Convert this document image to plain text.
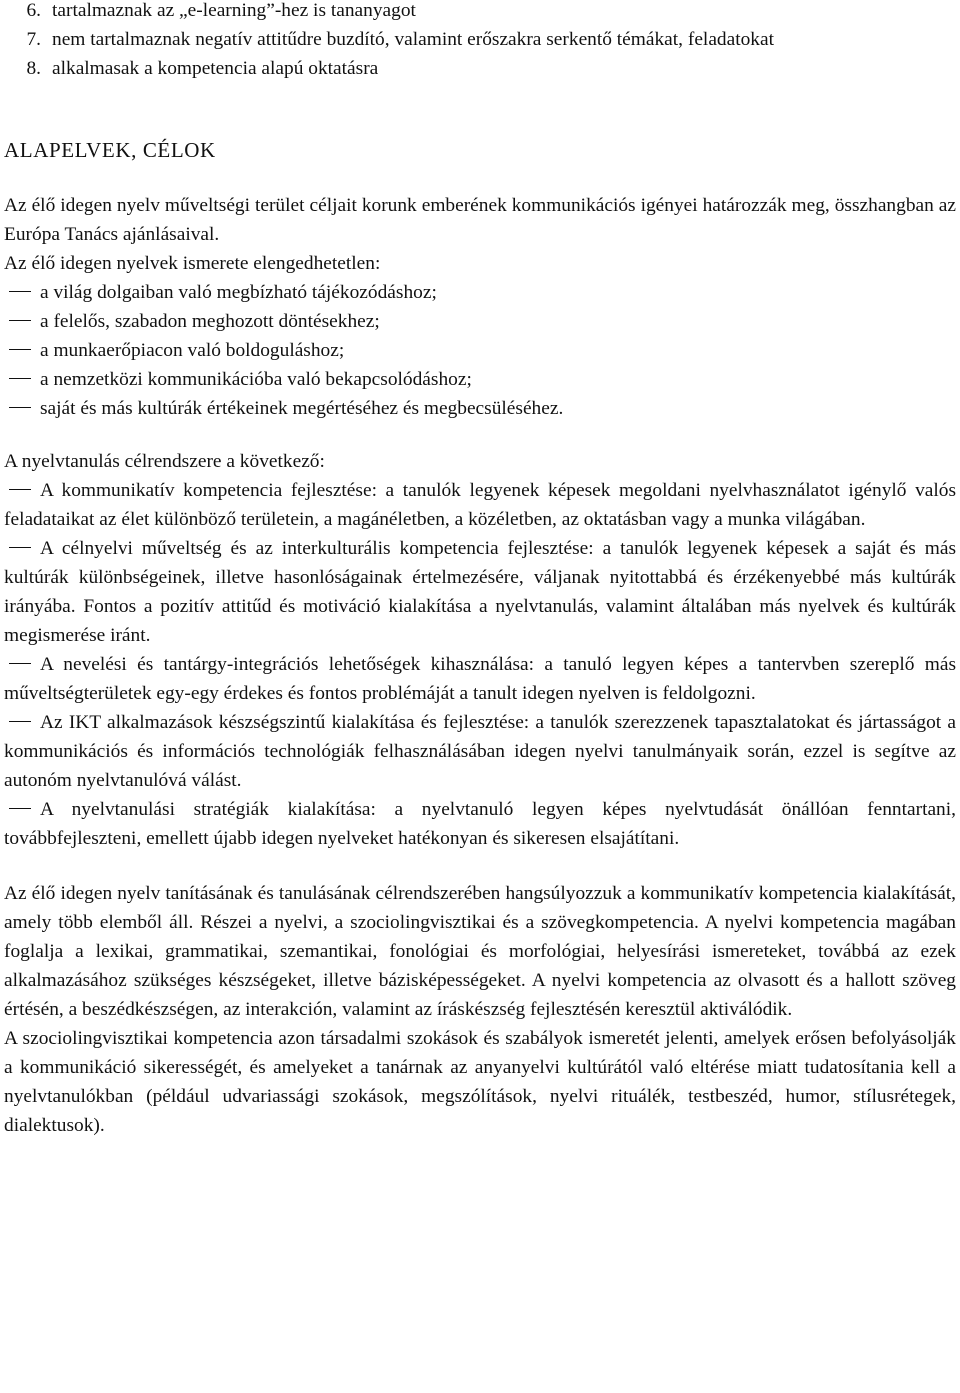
6. tartalmaznak az „e-learning”-hez is tananyagot
7. nem tartalmaznak negatív attitűdre buzdító, valamint erőszakra serkentő témákat, feladatokat
8. alkalmasak a kompetencia alapú oktatásra
ALAPELVEK, CÉLOK

Az élő idegen nyelv műveltségi terület céljait korunk emberének kommunikációs igényei határozzák meg, összhangban az Európa Tanács ajánlásaival.

Az élő idegen nyelvek ismerete elengedhetetlen:

a világ dolgaiban való megbízható tájékozódáshoz;
a felelős, szabadon meghozott döntésekhez;
a munkaerőpiacon való boldoguláshoz;
a nemzetközi kommunikációba való bekapcsolódáshoz;
saját és más kultúrák értékeinek megértéséhez és megbecsüléséhez.

A nyelvtanulás célrendszere a következő:

A kommunikatív kompetencia fejlesztése: a tanulók legyenek képesek megoldani nyelvhasználatot igénylő valós feladataikat az élet különböző területein, a magánéletben, a közéletben, az oktatásban vagy a munka világában.
A célnyelvi műveltség és az interkulturális kompetencia fejlesztése: a tanulók legyenek képesek a saját és más kultúrák különbségeinek, illetve hasonlóságainak értelmezésére, váljanak nyitottabbá és érzékenyebbé más kultúrák irányába. Fontos a pozitív attitűd és motiváció kialakítása a nyelvtanulás, valamint általában más nyelvek és kultúrák megismerése iránt.
A nevelési és tantárgy-integrációs lehetőségek kihasználása: a tanuló legyen képes a tantervben szereplő más műveltségterületek egy-egy érdekes és fontos problémáját a tanult idegen nyelven is feldolgozni.
Az IKT alkalmazások készségszintű kialakítása és fejlesztése: a tanulók szerezzenek tapasztalatokat és jártasságot a kommunikációs és információs technológiák felhasználásában idegen nyelvi tanulmányaik során, ezzel is segítve az autonóm nyelvtanulóvá válást.
A nyelvtanulási stratégiák kialakítása: a nyelvtanuló legyen képes nyelvtudását önállóan fenntartani, továbbfejleszteni, emellett újabb idegen nyelveket hatékonyan és sikeresen elsajátítani.

Az élő idegen nyelv tanításának és tanulásának célrendszerében hangsúlyozzuk a kommunikatív kompetencia kialakítását, amely több elemből áll. Részei a nyelvi, a szociolingvisztikai és a szövegkompetencia. A nyelvi kompetencia magában foglalja a lexikai, grammatikai, szemantikai, fonológiai és morfológiai, helyesírási ismereteket, továbbá az ezek alkalmazásához szükséges készségeket, illetve bázisképességeket. A nyelvi kompetencia az olvasott és a hallott szöveg értésén, a beszédkészségen, az interakción, valamint az íráskészség fejlesztésén keresztül aktiválódik.

A szociolingvisztikai kompetencia azon társadalmi szokások és szabályok ismeretét jelenti, amelyek erősen befolyásolják a kommunikáció sikerességét, és amelyeket a tanárnak az anyanyelvi kultúrától való eltérése miatt tudatosítania kell a nyelvtanulókban (például udvariassági szokások, megszólítások, nyelvi rituálék, testbeszéd, humor, stílusrétegek, dialektusok).
